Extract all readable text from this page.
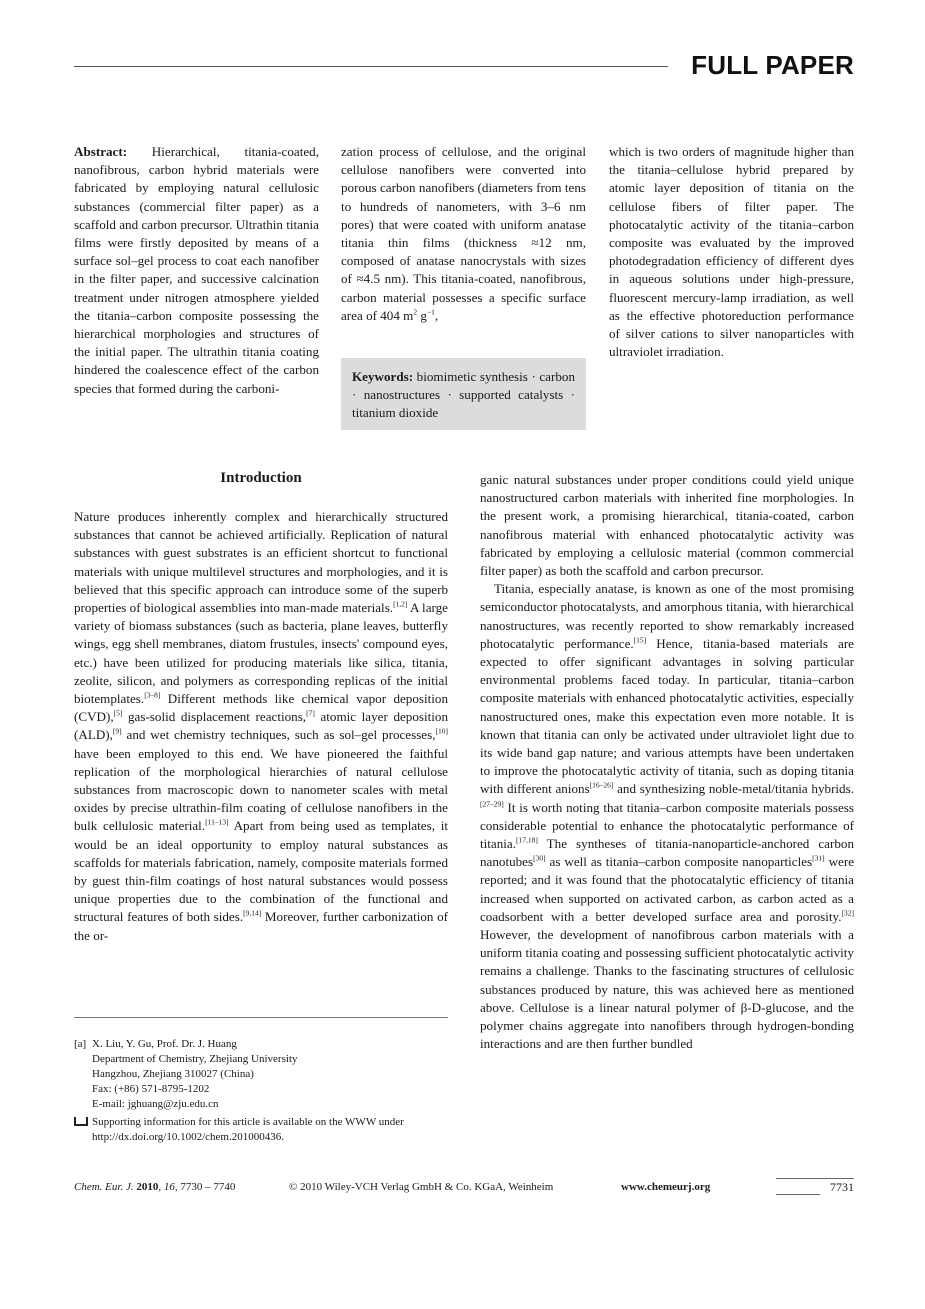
FULL PAPER

Abstract: Hierarchical, titania-coated, nanofibrous, carbon hybrid materials were fabricated by employing natural cellulosic substances (commercial filter paper) as a scaffold and carbon precursor. Ultrathin titania films were firstly deposited by means of a surface sol–gel process to coat each nanofiber in the filter paper, and successive calcination treatment under nitrogen atmosphere yielded the titania–carbon composite possessing the hierarchical morphologies and structures of the initial paper. The ultrathin titania coating hindered the coalescence effect of the carbon species that formed during the carboni-

zation process of cellulose, and the original cellulose nanofibers were converted into porous carbon nanofibers (diameters from tens to hundreds of nanometers, with 3–6 nm pores) that were coated with uniform anatase titania thin films (thickness ≈12 nm, composed of anatase nanocrystals with sizes of ≈4.5 nm). This titania-coated, nanofibrous, carbon material possesses a specific surface area of 404 $m^2$ $g^{-1}$,

Keywords: biomimetic synthesis · carbon · nanostructures · supported catalysts · titanium dioxide

which is two orders of magnitude higher than the titania–cellulose hybrid prepared by atomic layer deposition of titania on the cellulose fibers of filter paper. The photocatalytic activity of the titania–carbon composite was evaluated by the improved photodegradation efficiency of different dyes in aqueous solutions under high-pressure, fluorescent mercury-lamp irradiation, as well as the effective photoreduction performance of silver cations to silver nanoparticles with ultraviolet irradiation.

Introduction

Nature produces inherently complex and hierarchically structured substances that cannot be achieved artificially. Replication of natural substances with guest substrates is an efficient shortcut to functional materials with unique multilevel structures and morphologies, and it is believed that this specific approach can introduce some of the superb properties of biological assemblies into man-made materials.[1,2] A large variety of biomass substances (such as bacteria, plane leaves, butterfly wings, egg shell membranes, diatom frustules, insects' compound eyes, etc.) have been utilized for producing materials like silica, titania, zeolite, silicon, and polymers as corresponding replicas of the initial biotemplates.[3–8] Different methods like chemical vapor deposition (CVD),[5] gas-solid displacement reactions,[7] atomic layer deposition (ALD),[9] and wet chemistry techniques, such as sol–gel processes,[10] have been employed to this end. We have pioneered the faithful replication of the morphological hierarchies of natural cellulose substances from macroscopic down to nanometer scales with metal oxides by precise ultrathin-film coating of cellulose nanofibers in the bulk cellulosic material.[11–13] Apart from being used as templates, it would be an ideal opportunity to employ natural substances as scaffolds for materials fabrication, namely, composite materials formed by guest thin-film coatings of host natural substances would possess unique properties due to the combination of the functional and structural features of both sides.[9,14] Moreover, further carbonization of the or-

[a] X. Liu, Y. Gu, Prof. Dr. J. Huang
Department of Chemistry, Zhejiang University
Hangzhou, Zhejiang 310027 (China)
Fax: (+86) 571-8795-1202
E-mail: jghuang@zju.edu.cn
Supporting information for this article is available on the WWW under http://dx.doi.org/10.1002/chem.201000436.

ganic natural substances under proper conditions could yield unique nanostructured carbon materials with inherited fine morphologies. In the present work, a promising hierarchical, titania-coated, carbon nanofibrous material with enhanced photocatalytic activity was fabricated by employing a cellulosic material (common commercial filter paper) as both the scaffold and carbon precursor.

Titania, especially anatase, is known as one of the most promising semiconductor photocatalysts, and amorphous titania, with hierarchical nanostructures, was recently reported to show remarkably increased photocatalytic performance.[15] Hence, titania-based materials are expected to offer significant advantages in solving particular environmental problems faced today. In particular, titania–carbon composite materials with enhanced photocatalytic activities, especially nanostructured ones, make this expectation even more notable. It is known that titania can only be activated under ultraviolet light due to its wide band gap nature; and various attempts have been undertaken to improve the photocatalytic activity of titania, such as doping titania with different anions[16–26] and synthesizing noble-metal/titania hybrids.[27–29] It is worth noting that titania–carbon composite materials possess considerable potential to enhance the photocatalytic performance of titania.[17,18] The syntheses of titania-nanoparticle-anchored carbon nanotubes[30] as well as titania–carbon composite nanoparticles[31] were reported; and it was found that the photocatalytic efficiency of titania increased when supported on activated carbon, as carbon acted as a coadsorbent with a better developed surface area and porosity.[32] However, the development of nanofibrous carbon materials with a uniform titania coating and possessing sufficient photocatalytic activity remains a challenge. Thanks to the fascinating structures of cellulosic substances produced by nature, this was achieved here as mentioned above. Cellulose is a linear natural polymer of β-D-glucose, and the polymer chains aggregate into nanofibers through hydrogen-bonding interactions and are then further bundled

Chem. Eur. J. 2010, 16, 7730 – 7740	© 2010 Wiley-VCH Verlag GmbH & Co. KGaA, Weinheim	www.chemeurj.org	7731
